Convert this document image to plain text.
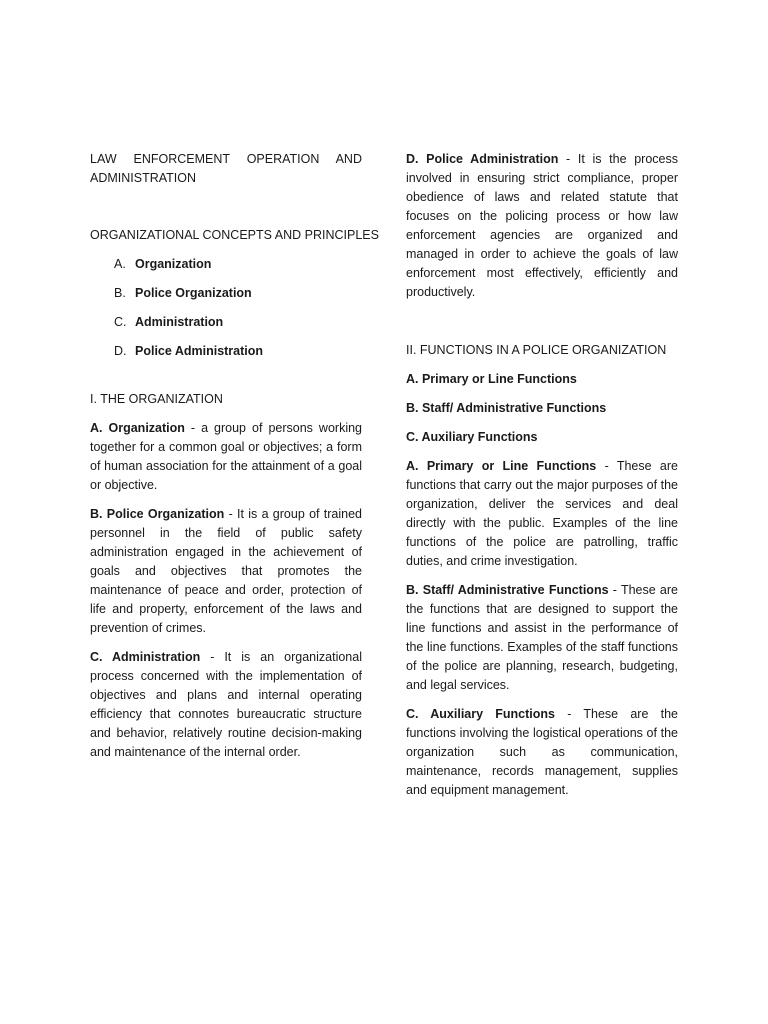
LAW ENFORCEMENT OPERATION AND
ADMINISTRATION
ORGANIZATIONAL CONCEPTS AND PRINCIPLES
A. Organization
B. Police Organization
C. Administration
D. Police Administration
I. THE ORGANIZATION

A. Organization - a group of persons working together for a common goal or objectives; a form of human association for the attainment of a goal or objective.

B. Police Organization - It is a group of trained personnel in the field of public safety administration engaged in the achievement of goals and objectives that promotes the maintenance of peace and order, protection of life and property, enforcement of the laws and prevention of crimes.

C. Administration - It is an organizational process concerned with the implementation of objectives and plans and internal operating efficiency that connotes bureaucratic structure and behavior, relatively routine decision-making and maintenance of the internal order.

D. Police Administration - It is the process involved in ensuring strict compliance, proper obedience of laws and related statute that focuses on the policing process or how law enforcement agencies are organized and managed in order to achieve the goals of law enforcement most effectively, efficiently and productively.

II. FUNCTIONS IN A POLICE ORGANIZATION
A. Primary or Line Functions
B. Staff/ Administrative Functions
C. Auxiliary Functions

A. Primary or Line Functions - These are functions that carry out the major purposes of the organization, deliver the services and deal directly with the public. Examples of the line functions of the police are patrolling, traffic duties, and crime investigation.

B. Staff/ Administrative Functions - These are the functions that are designed to support the line functions and assist in the performance of the line functions. Examples of the staff functions of the police are planning, research, budgeting, and legal services.

C. Auxiliary Functions - These are the functions involving the logistical operations of the organization such as communication, maintenance, records management, supplies and equipment management.
